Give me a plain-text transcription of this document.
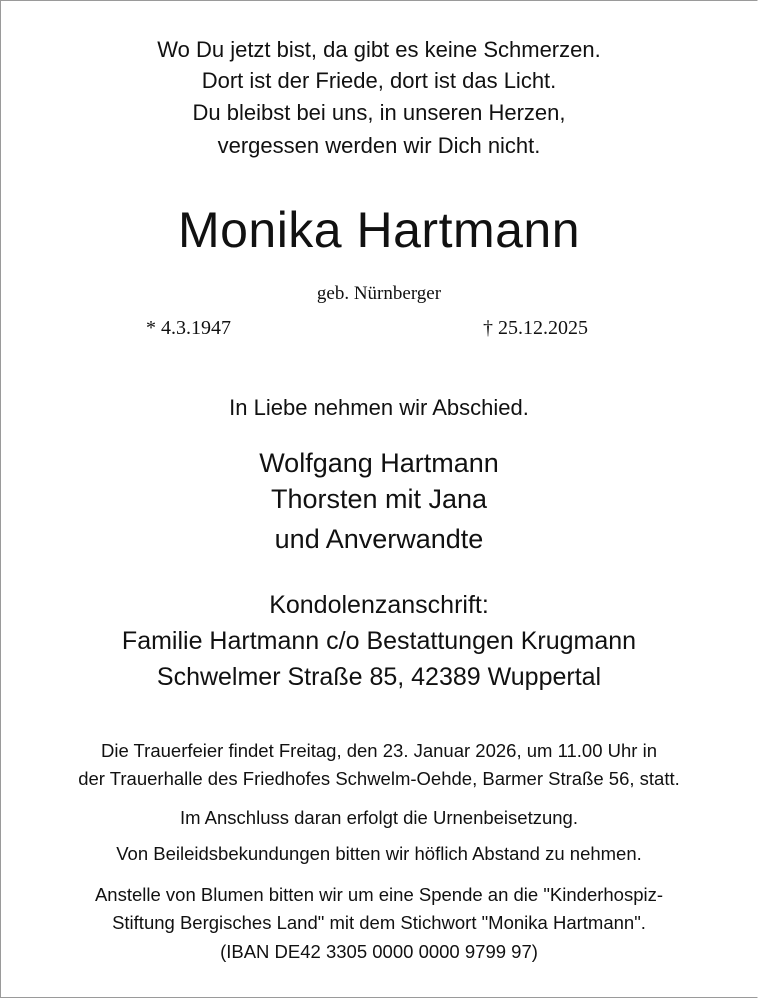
Wo Du jetzt bist, da gibt es keine Schmerzen.
Dort ist der Friede, dort ist das Licht.
Du bleibst bei uns, in unseren Herzen,
vergessen werden wir Dich nicht.
Monika Hartmann
geb. Nürnberger
* 4.3.1947	† 25.12.2025
In Liebe nehmen wir Abschied.
Wolfgang Hartmann
Thorsten mit Jana
und Anverwandte
Kondolenzanschrift:
Familie Hartmann c/o Bestattungen Krugmann
Schwelmer Straße 85, 42389 Wuppertal
Die Trauerfeier findet Freitag, den 23. Januar 2026, um 11.00 Uhr in
der Trauerhalle des Friedhofes Schwelm-Oehde, Barmer Straße 56, statt.
Im Anschluss daran erfolgt die Urnenbeisetzung.
Von Beileidsbekundungen bitten wir höflich Abstand zu nehmen.
Anstelle von Blumen bitten wir um eine Spende an die "Kinderhospiz-
Stiftung Bergisches Land" mit dem Stichwort "Monika Hartmann".
(IBAN DE42 3305 0000 0000 9799 97)
